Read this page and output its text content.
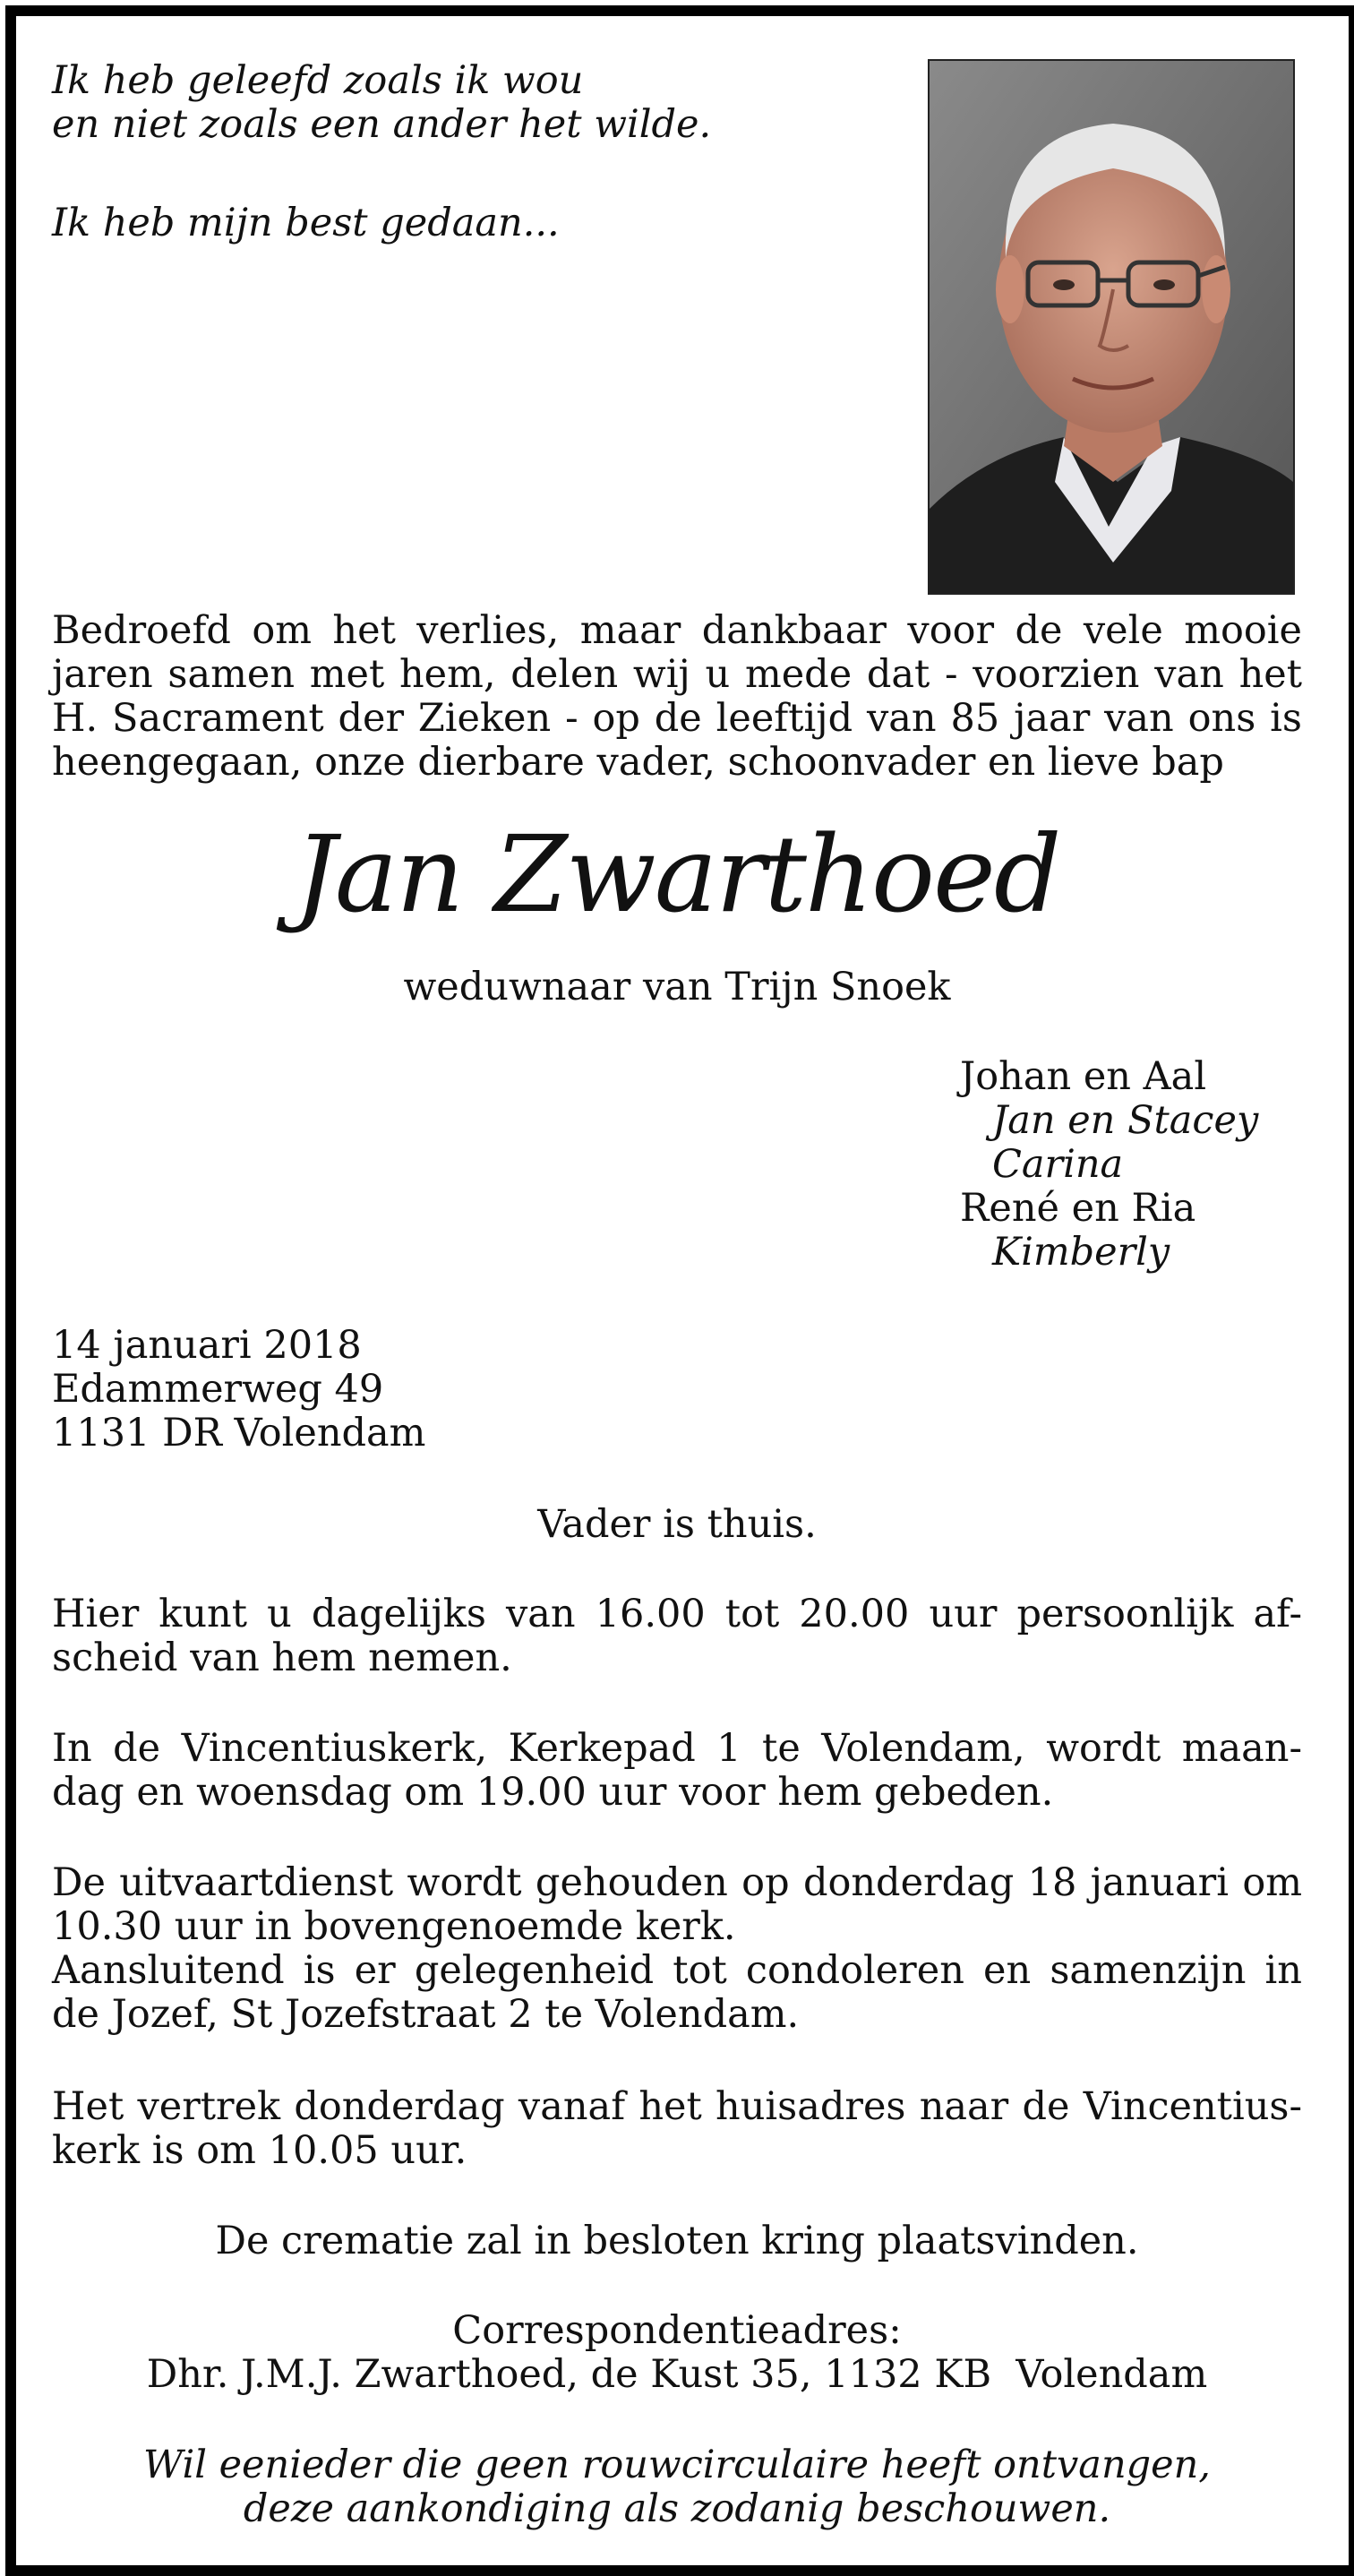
Ik heb geleefd zoals ik wou
en niet zoals een ander het wilde.
Ik heb mijn best gedaan...
Bedroefd om het verlies, maar dankbaar voor de vele mooie
jaren samen met hem, delen wij u mede dat - voorzien van het
H. Sacrament der Zieken - op de leeftijd van 85 jaar van ons is
heengegaan, onze dierbare vader, schoonvader en lieve bap
Jan Zwarthoed
weduwnaar van Trijn Snoek
Johan en Aal
Jan en Stacey
Carina
René en Ria
Kimberly
14 januari 2018
Edammerweg 49
1131 DR Volendam
Vader is thuis.
Hier kunt u dagelijks van 16.00 tot 20.00 uur persoonlijk af-
scheid van hem nemen.
In de Vincentiuskerk, Kerkepad 1 te Volendam, wordt maan-
dag en woensdag om 19.00 uur voor hem gebeden.
De uitvaartdienst wordt gehouden op donderdag 18 januari om
10.30 uur in bovengenoemde kerk.
Aansluitend is er gelegenheid tot condoleren en samenzijn in
de Jozef, St Jozefstraat 2 te Volendam.
Het vertrek donderdag vanaf het huisadres naar de Vincentius-
kerk is om 10.05 uur.
De crematie zal in besloten kring plaatsvinden.
Correspondentieadres:
Dhr. J.M.J. Zwarthoed, de Kust 35, 1132 KB  Volendam
Wil eenieder die geen rouwcirculaire heeft ontvangen,
deze aankondiging als zodanig beschouwen.
